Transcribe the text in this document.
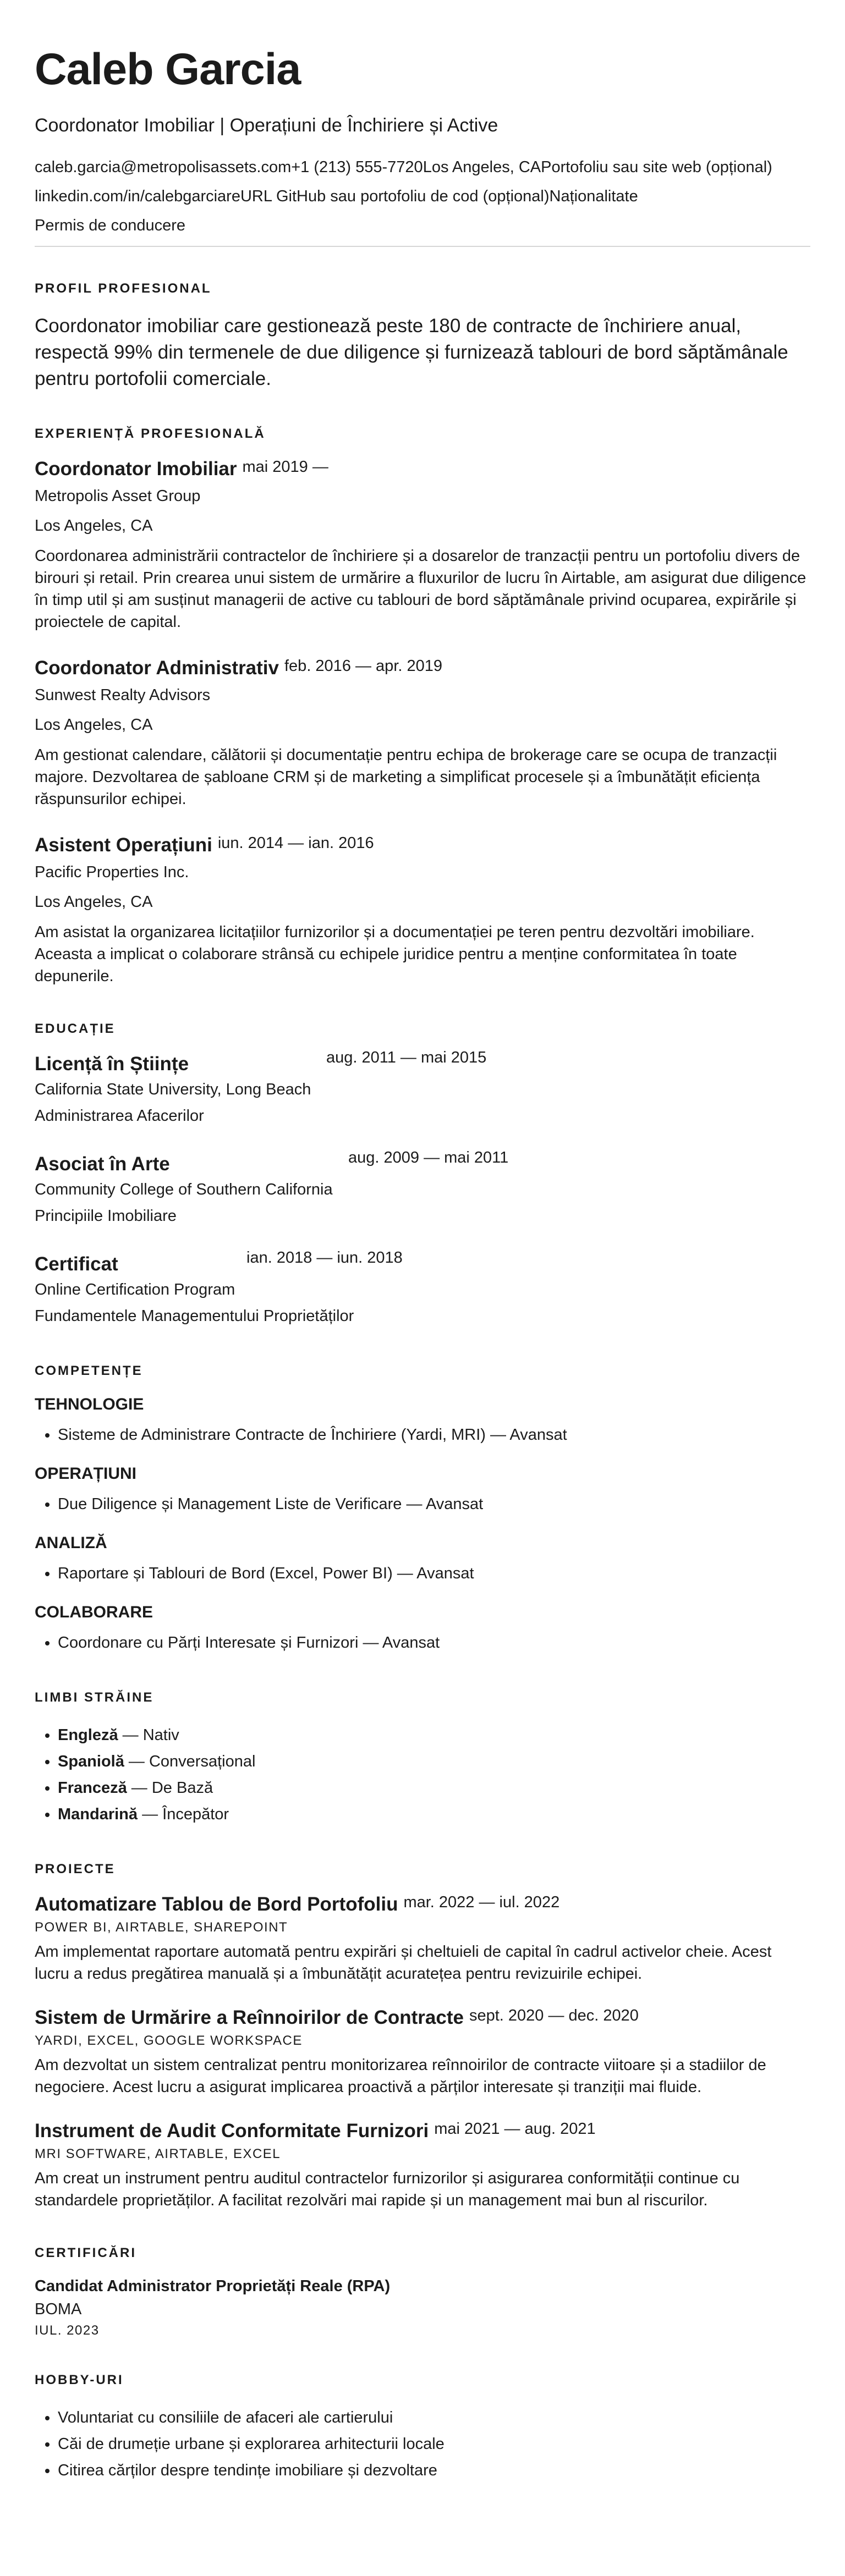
Caleb Garcia
Coordonator Imobiliar | Operațiuni de Închiriere și Active
caleb.garcia@metropolisassets.com+1 (213) 555-7720Los Angeles, CAPortofoliu sau site web (opțional)
linkedin.com/in/calebgarciareURL GitHub sau portofoliu de cod (opțional)Naționalitate
Permis de conducere
PROFIL PROFESIONAL
Coordonator imobiliar care gestionează peste 180 de contracte de închiriere anual, respectă 99% din termenele de due diligence și furnizează tablouri de bord săptămânale pentru portofolii comerciale.
EXPERIENȚĂ PROFESIONALĂ
Coordonator Imobiliar mai 2019 —
Metropolis Asset Group
Los Angeles, CA
Coordonarea administrării contractelor de închiriere și a dosarelor de tranzacții pentru un portofoliu divers de birouri și retail. Prin crearea unui sistem de urmărire a fluxurilor de lucru în Airtable, am asigurat due diligence în timp util și am susținut managerii de active cu tablouri de bord săptămânale privind ocuparea, expirările și proiectele de capital.
Coordonator Administrativ feb. 2016 — apr. 2019
Sunwest Realty Advisors
Los Angeles, CA
Am gestionat calendare, călătorii și documentație pentru echipa de brokerage care se ocupa de tranzacții majore. Dezvoltarea de șabloane CRM și de marketing a simplificat procesele și a îmbunătățit eficiența răspunsurilor echipei.
Asistent Operațiuni iun. 2014 — ian. 2016
Pacific Properties Inc.
Los Angeles, CA
Am asistat la organizarea licitațiilor furnizorilor și a documentației pe teren pentru dezvoltări imobiliare. Aceasta a implicat o colaborare strânsă cu echipele juridice pentru a menține conformitatea în toate depunerile.
EDUCAȚIE
Licență în Științe	aug. 2011 — mai 2015
California State University, Long Beach
Administrarea Afacerilor
Asociat în Arte	aug. 2009 — mai 2011
Community College of Southern California
Principiile Imobiliare
Certificat	ian. 2018 — iun. 2018
Online Certification Program
Fundamentele Managementului Proprietăților
COMPETENȚE
TEHNOLOGIE
• Sisteme de Administrare Contracte de Închiriere (Yardi, MRI) — Avansat
OPERAȚIUNI
• Due Diligence și Management Liste de Verificare — Avansat
ANALIZĂ
• Raportare și Tablouri de Bord (Excel, Power BI) — Avansat
COLABORARE
• Coordonare cu Părți Interesate și Furnizori — Avansat
LIMBI STRĂINE
• Engleză — Nativ
• Spaniolă — Conversațional
• Franceză — De Bază
• Mandarină — Începător
PROIECTE
Automatizare Tablou de Bord Portofoliu mar. 2022 — iul. 2022
POWER BI, AIRTABLE, SHAREPOINT
Am implementat raportare automată pentru expirări și cheltuieli de capital în cadrul activelor cheie. Acest lucru a redus pregătirea manuală și a îmbunătățit acuratețea pentru revizuirile echipei.
Sistem de Urmărire a Reînnoirilor de Contracte sept. 2020 — dec. 2020
YARDI, EXCEL, GOOGLE WORKSPACE
Am dezvoltat un sistem centralizat pentru monitorizarea reînnoirilor de contracte viitoare și a stadiilor de negociere. Acest lucru a asigurat implicarea proactivă a părților interesate și tranziții mai fluide.
Instrument de Audit Conformitate Furnizori mai 2021 — aug. 2021
MRI SOFTWARE, AIRTABLE, EXCEL
Am creat un instrument pentru auditul contractelor furnizorilor și asigurarea conformității continue cu standardele proprietăților. A facilitat rezolvări mai rapide și un management mai bun al riscurilor.
CERTIFICĂRI
Candidat Administrator Proprietăți Reale (RPA)
BOMA
IUL. 2023
HOBBY-URI
• Voluntariat cu consiliile de afaceri ale cartierului
• Căi de drumeție urbane și explorarea arhitecturii locale
• Citirea cărților despre tendințe imobiliare și dezvoltare
